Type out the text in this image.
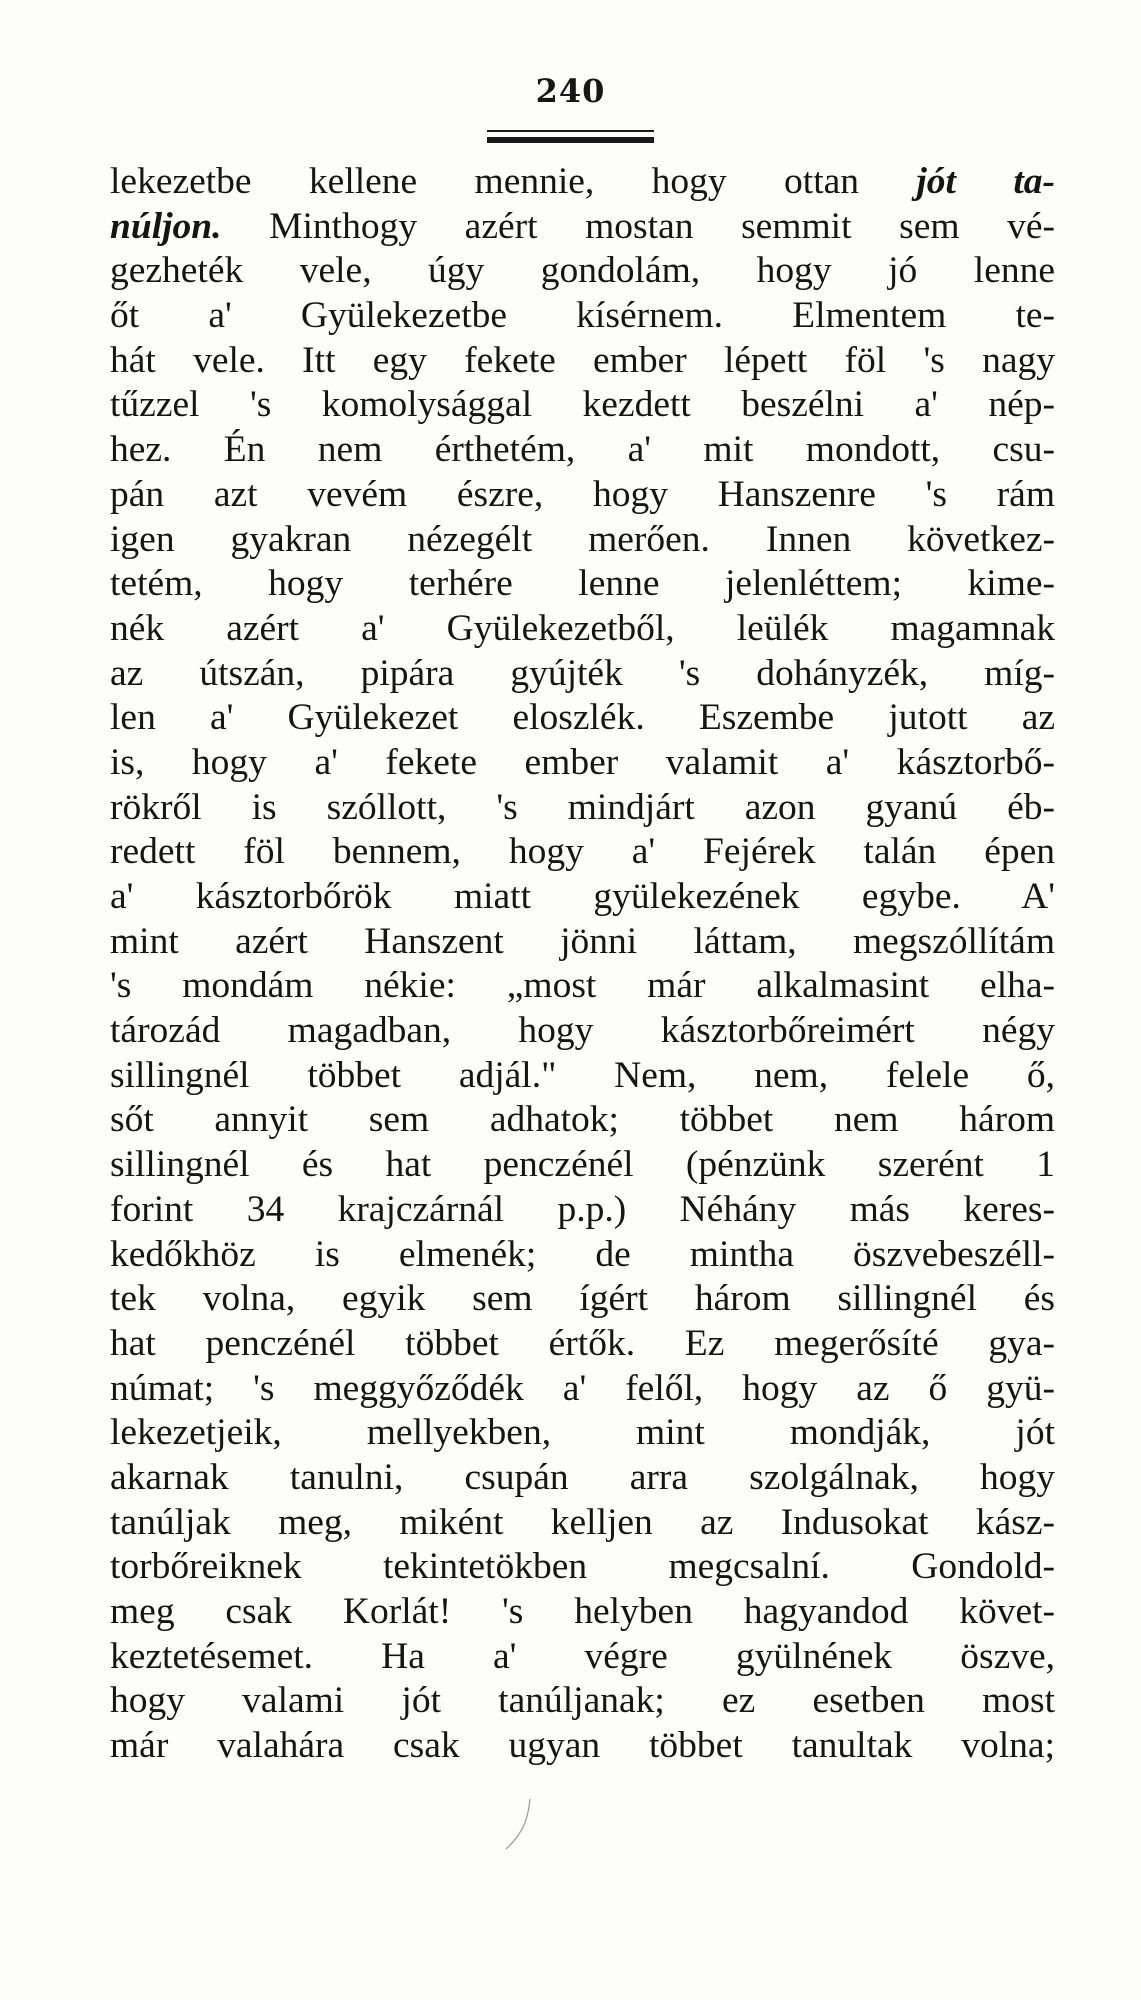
240
lekezetbe kellene mennie, hogy ottan jót ta-
núljon. Minthogy azért mostan semmit sem vé-
gezheték vele, úgy gondolám, hogy jó lenne
őt a' Gyülekezetbe kísérnem. Elmentem te-
hát vele. Itt egy fekete ember lépett föl 's nagy
tűzzel 's komolysággal kezdett beszélni a' nép-
hez. Én nem érthetém, a' mit mondott, csu-
pán azt vevém észre, hogy Hanszenre 's rám
igen gyakran nézegélt merően. Innen következ-
tetém, hogy terhére lenne jelenléttem; kime-
nék azért a' Gyülekezetből, leülék magamnak
az útszán, pipára gyújték 's dohányzék, míg-
len a' Gyülekezet eloszlék. Eszembe jutott az
is, hogy a' fekete ember valamit a' kásztorbő-
rökről is szóllott, 's mindjárt azon gyanú éb-
redett föl bennem, hogy a' Fejérek talán épen
a' kásztorbőrök miatt gyülekezének egybe. A'
mint azért Hanszent jönni láttam, megszóllítám
's mondám nékie: „most már alkalmasint elha-
tározád magadban, hogy kásztorbőreimért négy
sillingnél többet adjál." Nem, nem, felele ő,
sőt annyit sem adhatok; többet nem három
sillingnél és hat penczénél (pénzünk szerént 1
forint 34 krajczárnál p.p.) Néhány más keres-
kedőkhöz is elmenék; de mintha öszvebeszéll-
tek volna, egyik sem ígért három sillingnél és
hat penczénél többet értők. Ez megerősíté gya-
númat; 's meggyőződék a' felől, hogy az ő gyü-
lekezetjeik, mellyekben, mint mondják, jót
akarnak tanulni, csupán arra szolgálnak, hogy
tanúljak meg, miként kelljen az Indusokat kász-
torbőreiknek tekintetökben megcsalní. Gondold-
meg csak Korlát! 's helyben hagyandod követ-
keztetésemet. Ha a' végre gyülnének öszve,
hogy valami jót tanúljanak; ez esetben most
már valahára csak ugyan többet tanultak volna;
